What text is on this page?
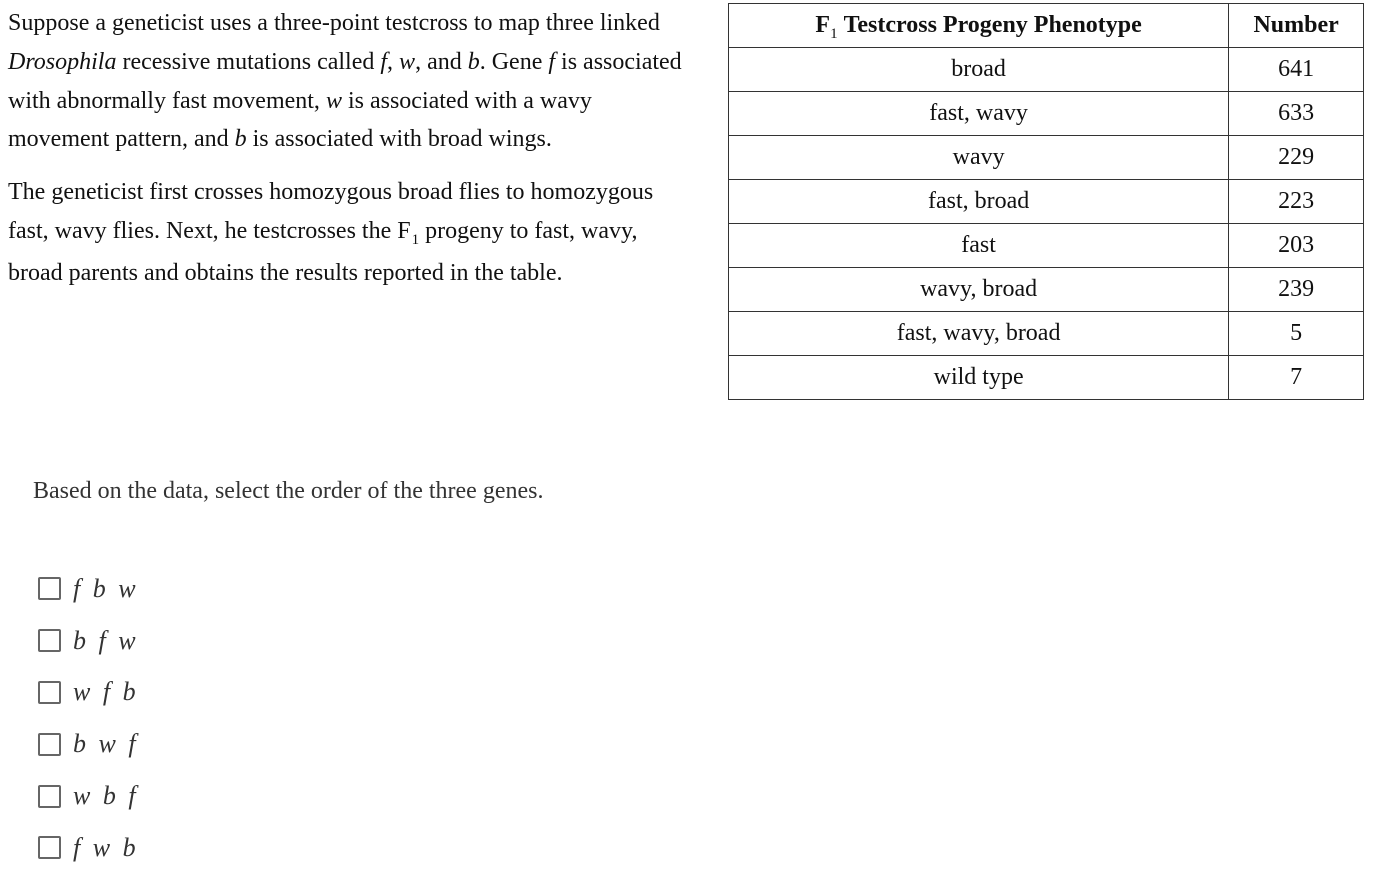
Suppose a geneticist uses a three-point testcross to map three linked Drosophila recessive mutations called f, w, and b. Gene f is associated with abnormally fast movement, w is associated with a wavy movement pattern, and b is associated with broad wings.

The geneticist first crosses homozygous broad flies to homozygous fast, wavy flies. Next, he testcrosses the $F_1$ progeny to fast, wavy, broad parents and obtains the results reported in the table.

$F_1$ Testcross Progeny Phenotype	Number
broad	641
fast, wavy	633
wavy	229
fast, broad	223
fast	203
wavy, broad	239
fast, wavy, broad	5
wild type	7
Based on the data, select the order of the three genes.
f b w
b f w
w f b
b w f
w b f
f w b
